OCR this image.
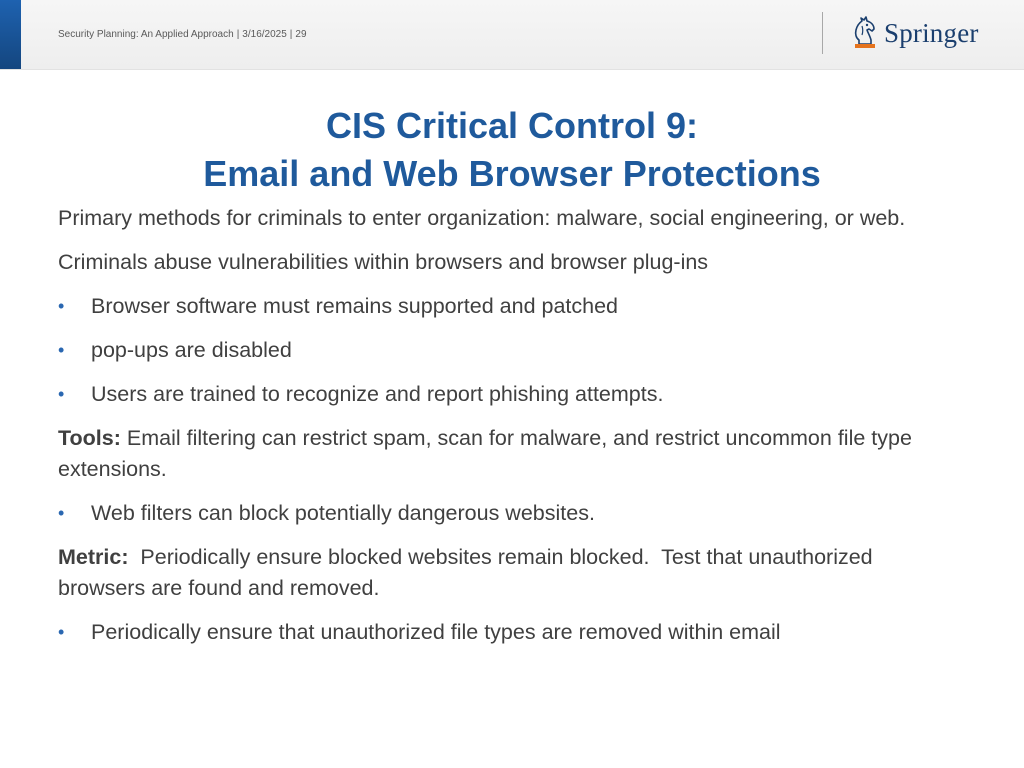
Security Planning: An Applied Approach | 3/16/2025 | 29	Springer
CIS Critical Control 9:
Email and Web Browser Protections

Primary methods for criminals to enter organization: malware, social engineering, or web.

Criminals abuse vulnerabilities within browsers and browser plug-ins

• Browser software must remains supported and patched
• pop-ups are disabled
• Users are trained to recognize and report phishing attempts.

Tools: Email filtering can restrict spam, scan for malware, and restrict uncommon file type extensions.

• Web filters can block potentially dangerous websites.

Metric:  Periodically ensure blocked websites remain blocked.  Test that unauthorized browsers are found and removed.

• Periodically ensure that unauthorized file types are removed within email
